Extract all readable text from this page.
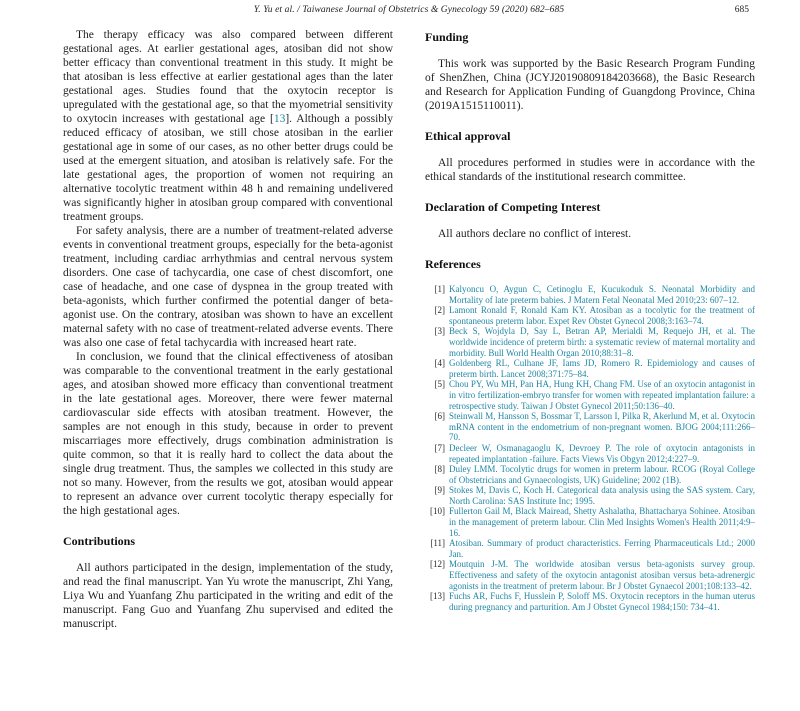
Y. Yu et al. / Taiwanese Journal of Obstetrics & Gynecology 59 (2020) 682–685	685

The therapy efficacy was also compared between different gestational ages. At earlier gestational ages, atosiban did not show better efficacy than conventional treatment in this study. It might be that atosiban is less effective at earlier gestational ages than the later gestational ages. Studies found that the oxytocin receptor is upregulated with the gestational age, so that the myometrial sensitivity to oxytocin increases with gestational age [13]. Although a possibly reduced efficacy of atosiban, we still chose atosiban in the earlier gestational age in some of our cases, as no other better drugs could be used at the emergent situation, and atosiban is relatively safe. For the late gestational ages, the proportion of women not requiring an alternative tocolytic treatment within 48 h and remaining undelivered was significantly higher in atosiban group compared with conventional treatment groups.

For safety analysis, there are a number of treatment-related adverse events in conventional treatment groups, especially for the beta-agonist treatment, including cardiac arrhythmias and central nervous system disorders. One case of tachycardia, one case of chest discomfort, one case of headache, and one case of dyspnea in the group treated with beta-agonists, which further confirmed the potential danger of beta-agonist use. On the contrary, atosiban was shown to have an excellent maternal safety with no case of treatment-related adverse events. There was also one case of fetal tachycardia with increased heart rate.

In conclusion, we found that the clinical effectiveness of atosiban was comparable to the conventional treatment in the early gestational ages, and atosiban showed more efficacy than conventional treatment in the late gestational ages. Moreover, there were fewer maternal cardiovascular side effects with atosiban treatment. However, the samples are not enough in this study, because in order to prevent miscarriages more effectively, drugs combination administration is quite common, so that it is really hard to collect the data about the single drug treatment. Thus, the samples we collected in this study are not so many. However, from the results we got, atosiban would appear to represent an advance over current tocolytic therapy especially for the high gestational ages.

Contributions

All authors participated in the design, implementation of the study, and read the final manuscript. Yan Yu wrote the manuscript, Zhi Yang, Liya Wu and Yuanfang Zhu participated in the writing and edit of the manuscript. Fang Guo and Yuanfang Zhu supervised and edited the manuscript.

Funding

This work was supported by the Basic Research Program Funding of ShenZhen, China (JCYJ20190809184203668), the Basic Research and Research for Application Funding of Guangdong Province, China (2019A1515110011).

Ethical approval

All procedures performed in studies were in accordance with the ethical standards of the institutional research committee.

Declaration of Competing Interest

All authors declare no conflict of interest.

References
[1] Kalyoncu O, Aygun C, Cetinoglu E, Kucukoduk S. Neonatal Morbidity and Mortality of late preterm babies. J Matern Fetal Neonatal Med 2010;23: 607–12.
[2] Lamont Ronald F, Ronald Kam KY. Atosiban as a tocolytic for the treatment of spontaneous preterm labor. Expet Rev Obstet Gynecol 2008;3:163–74.
[3] Beck S, Wojdyla D, Say L, Betran AP, Merialdi M, Requejo JH, et al. The worldwide incidence of preterm birth: a systematic review of maternal mortality and morbidity. Bull World Health Organ 2010;88:31–8.
[4] Goldenberg RL, Culhane JF, Iams JD, Romero R. Epidemiology and causes of preterm birth. Lancet 2008;371:75–84.
[5] Chou PY, Wu MH, Pan HA, Hung KH, Chang FM. Use of an oxytocin antagonist in in vitro fertilization-embryo transfer for women with repeated implantation failure: a retrospective study. Taiwan J Obstet Gynecol 2011;50:136–40.
[6] Steinwall M, Hansson S, Bossmar T, Larsson I, Pilka R, Akerlund M, et al. Oxytocin mRNA content in the endometrium of non-pregnant women. BJOG 2004;111:266–70.
[7] Decleer W, Osmanagaoglu K, Devroey P. The role of oxytocin antagonists in repeated implantation -failure. Facts Views Vis Obgyn 2012;4:227–9.
[8] Duley LMM. Tocolytic drugs for women in preterm labour. RCOG (Royal College of Obstetricians and Gynaecologists, UK) Guideline; 2002 (1B).
[9] Stokes M, Davis C, Koch H. Categorical data analysis using the SAS system. Cary, North Carolina: SAS Institute Inc; 1995.
[10] Fullerton Gail M, Black Mairead, Shetty Ashalatha, Bhattacharya Sohinee. Atosiban in the management of preterm labour. Clin Med Insights Women's Health 2011;4:9–16.
[11] Atosiban. Summary of product characteristics. Ferring Pharmaceuticals Ltd.; 2000 Jan.
[12] Moutquin J-M. The worldwide atosiban versus beta-agonists survey group. Effectiveness and safety of the oxytocin antagonist atosiban versus beta-adrenergic agonists in the treatment of preterm labour. Br J Obstet Gynaecol 2001;108:133–42.
[13] Fuchs AR, Fuchs F, Husslein P, Soloff MS. Oxytocin receptors in the human uterus during pregnancy and parturition. Am J Obstet Gynecol 1984;150: 734–41.
